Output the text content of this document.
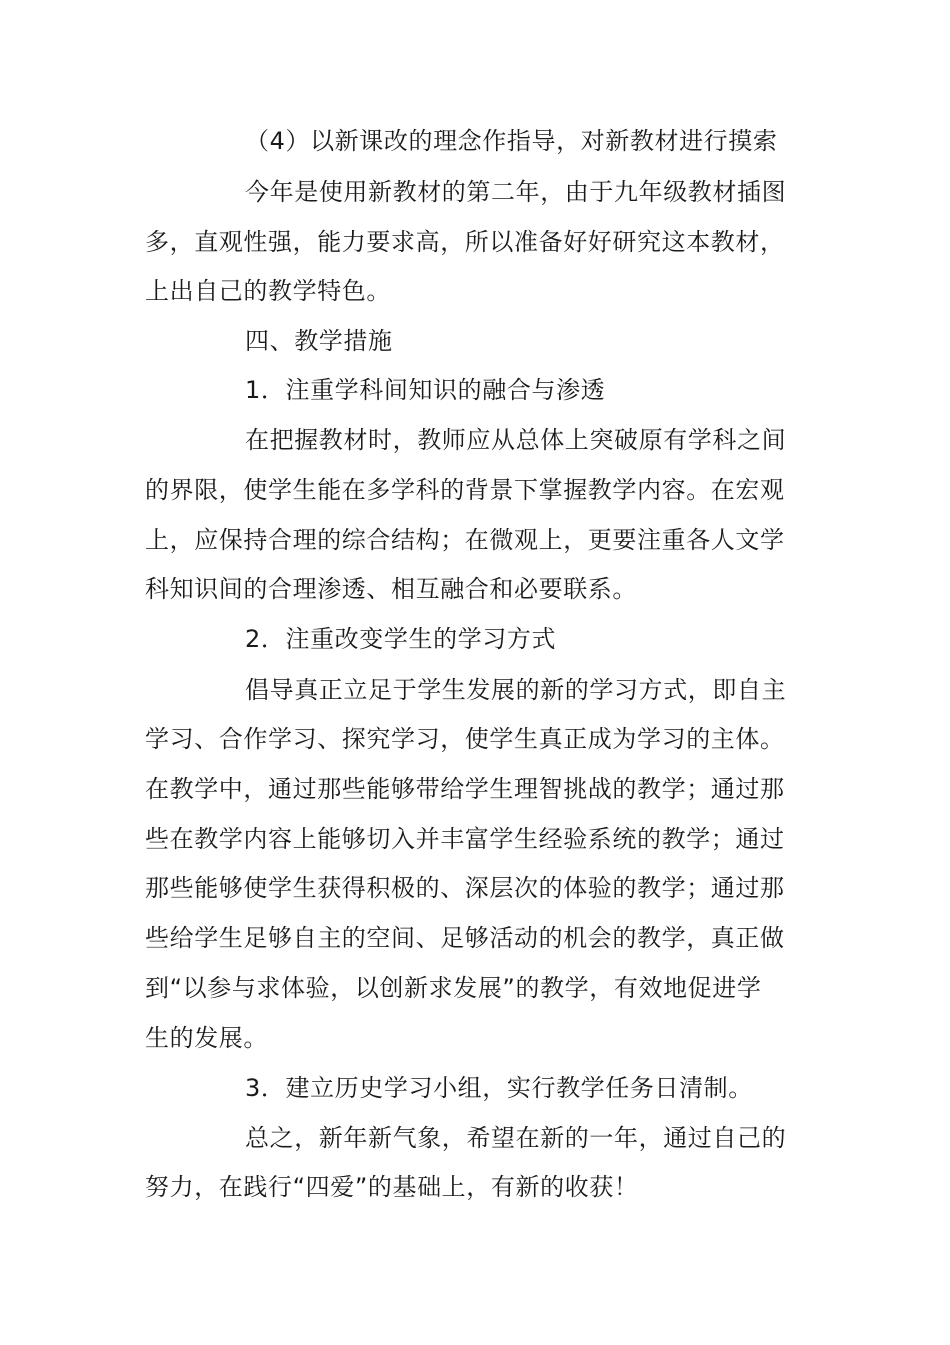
（4）以新课改的理念作指导，对新教材进行摸索
今年是使用新教材的第二年，由于九年级教材插图
多，直观性强，能力要求高，所以准备好好研究这本教材，
上出自己的教学特色。
四、教学措施
1．注重学科间知识的融合与渗透
在把握教材时，教师应从总体上突破原有学科之间
的界限，使学生能在多学科的背景下掌握教学内容。在宏观
上，应保持合理的综合结构；在微观上，更要注重各人文学
科知识间的合理渗透、相互融合和必要联系。
2．注重改变学生的学习方式
倡导真正立足于学生发展的新的学习方式，即自主
学习、合作学习、探究学习，使学生真正成为学习的主体。
在教学中，通过那些能够带给学生理智挑战的教学；通过那
些在教学内容上能够切入并丰富学生经验系统的教学；通过
那些能够使学生获得积极的、深层次的体验的教学；通过那
些给学生足够自主的空间、足够活动的机会的教学，真正做
到“以参与求体验，以创新求发展”的教学，有效地促进学
生的发展。
3．建立历史学习小组，实行教学任务日清制。
总之，新年新气象，希望在新的一年，通过自己的
努力，在践行“四爱”的基础上，有新的收获！
